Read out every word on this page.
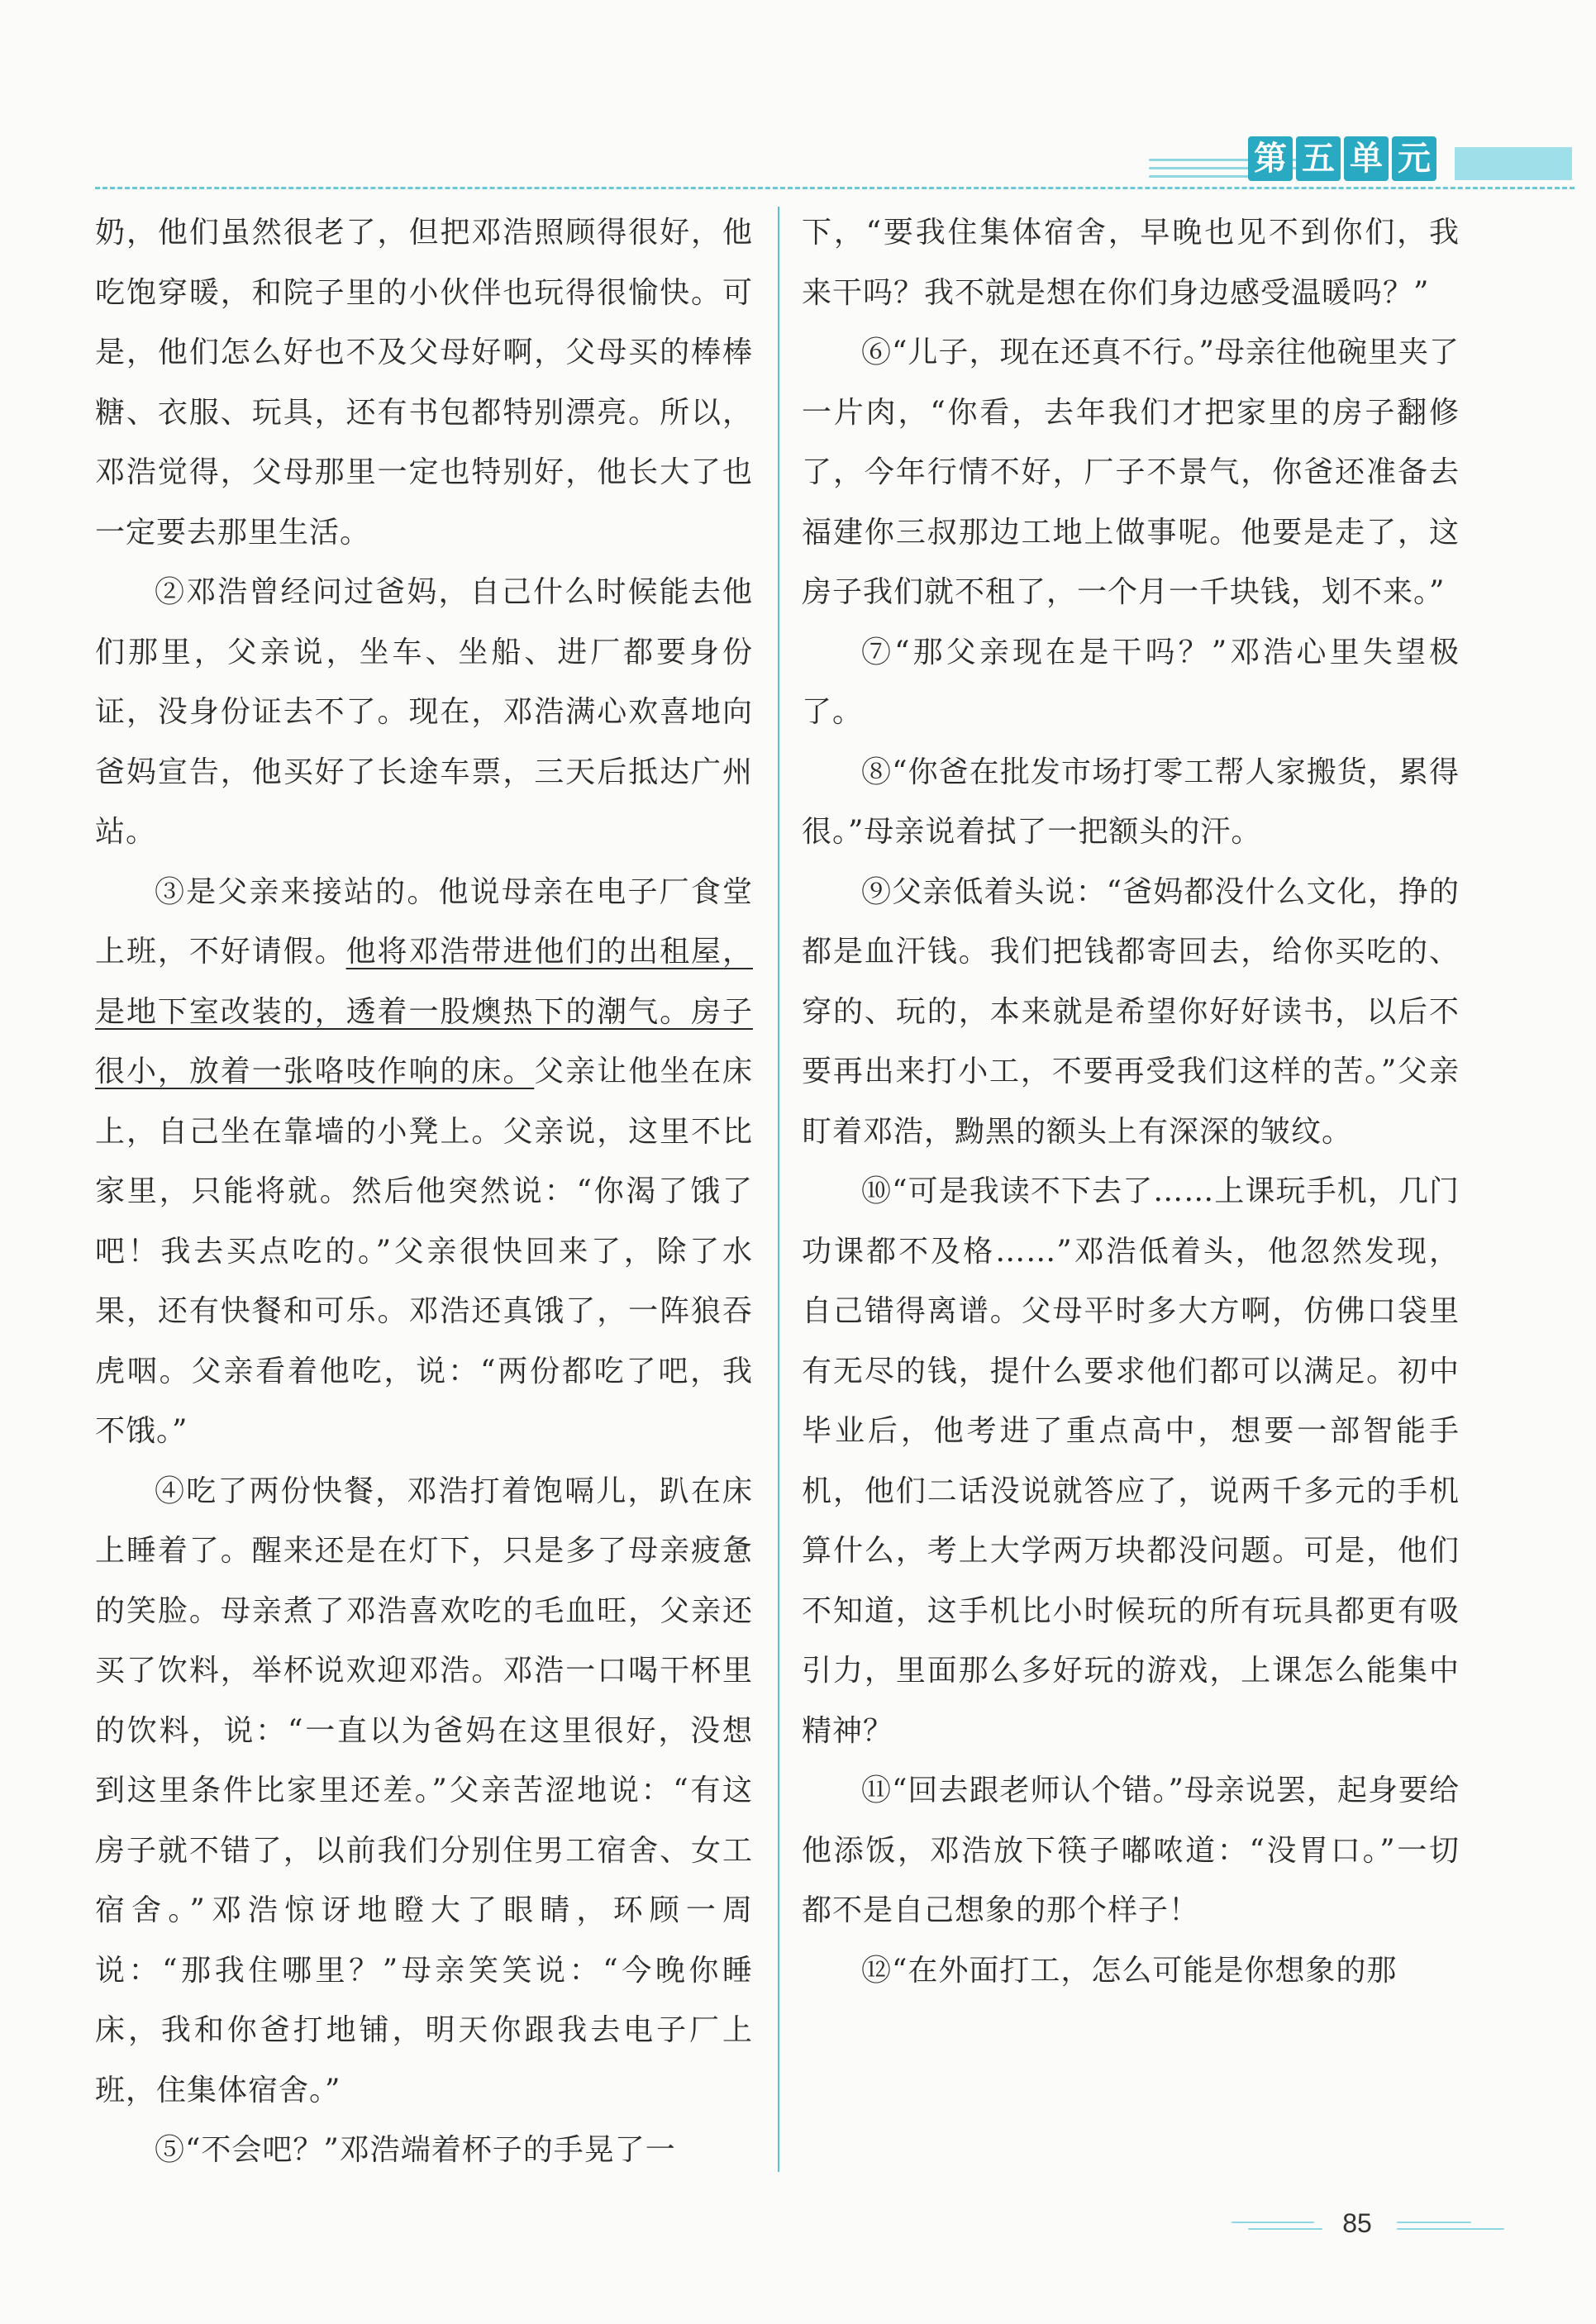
第 五 单 元

奶，他们虽然很老了，但把邓浩照顾得很好，他吃饱穿暖，和院子里的小伙伴也玩得很愉快。可是，他们怎么好也不及父母好啊，父母买的棒棒糖、衣服、玩具，还有书包都特别漂亮。所以，邓浩觉得，父母那里一定也特别好，他长大了也一定要去那里生活。

②邓浩曾经问过爸妈，自己什么时候能去他们那里，父亲说，坐车、坐船、进厂都要身份证，没身份证去不了。现在，邓浩满心欢喜地向爸妈宣告，他买好了长途车票，三天后抵达广州站。

③是父亲来接站的。他说母亲在电子厂食堂上班，不好请假。他将邓浩带进他们的出租屋，是地下室改装的，透着一股燠热下的潮气。房子很小，放着一张咯吱作响的床。父亲让他坐在床上，自己坐在靠墙的小凳上。父亲说，这里不比家里，只能将就。然后他突然说：“你渴了饿了吧！我去买点吃的。”父亲很快回来了，除了水果，还有快餐和可乐。邓浩还真饿了，一阵狼吞虎咽。父亲看着他吃，说：“两份都吃了吧，我不饿。”

④吃了两份快餐，邓浩打着饱嗝儿，趴在床上睡着了。醒来还是在灯下，只是多了母亲疲惫的笑脸。母亲煮了邓浩喜欢吃的毛血旺，父亲还买了饮料，举杯说欢迎邓浩。邓浩一口喝干杯里的饮料，说：“一直以为爸妈在这里很好，没想到这里条件比家里还差。”父亲苦涩地说：“有这房子就不错了，以前我们分别住男工宿舍、女工宿舍。”邓浩惊讶地瞪大了眼睛，环顾一周说：“那我住哪里？”母亲笑笑说：“今晚你睡床，我和你爸打地铺，明天你跟我去电子厂上班，住集体宿舍。”

⑤“不会吧？”邓浩端着杯子的手晃了一

下，“要我住集体宿舍，早晚也见不到你们，我来干吗？我不就是想在你们身边感受温暖吗？”

⑥“儿子，现在还真不行。”母亲往他碗里夹了一片肉，“你看，去年我们才把家里的房子翻修了，今年行情不好，厂子不景气，你爸还准备去福建你三叔那边工地上做事呢。他要是走了，这房子我们就不租了，一个月一千块钱，划不来。”

⑦“那父亲现在是干吗？”邓浩心里失望极了。

⑧“你爸在批发市场打零工帮人家搬货，累得很。”母亲说着拭了一把额头的汗。

⑨父亲低着头说：“爸妈都没什么文化，挣的都是血汗钱。我们把钱都寄回去，给你买吃的、穿的、玩的，本来就是希望你好好读书，以后不要再出来打小工，不要再受我们这样的苦。”父亲盯着邓浩，黝黑的额头上有深深的皱纹。

⑩“可是我读不下去了……上课玩手机，几门功课都不及格……”邓浩低着头，他忽然发现，自己错得离谱。父母平时多大方啊，仿佛口袋里有无尽的钱，提什么要求他们都可以满足。初中毕业后，他考进了重点高中，想要一部智能手机，他们二话没说就答应了，说两千多元的手机算什么，考上大学两万块都没问题。可是，他们不知道，这手机比小时候玩的所有玩具都更有吸引力，里面那么多好玩的游戏，上课怎么能集中精神？

⑪“回去跟老师认个错。”母亲说罢，起身要给他添饭，邓浩放下筷子嘟哝道：“没胃口。”一切都不是自己想象的那个样子！

⑫“在外面打工，怎么可能是你想象的那

85
